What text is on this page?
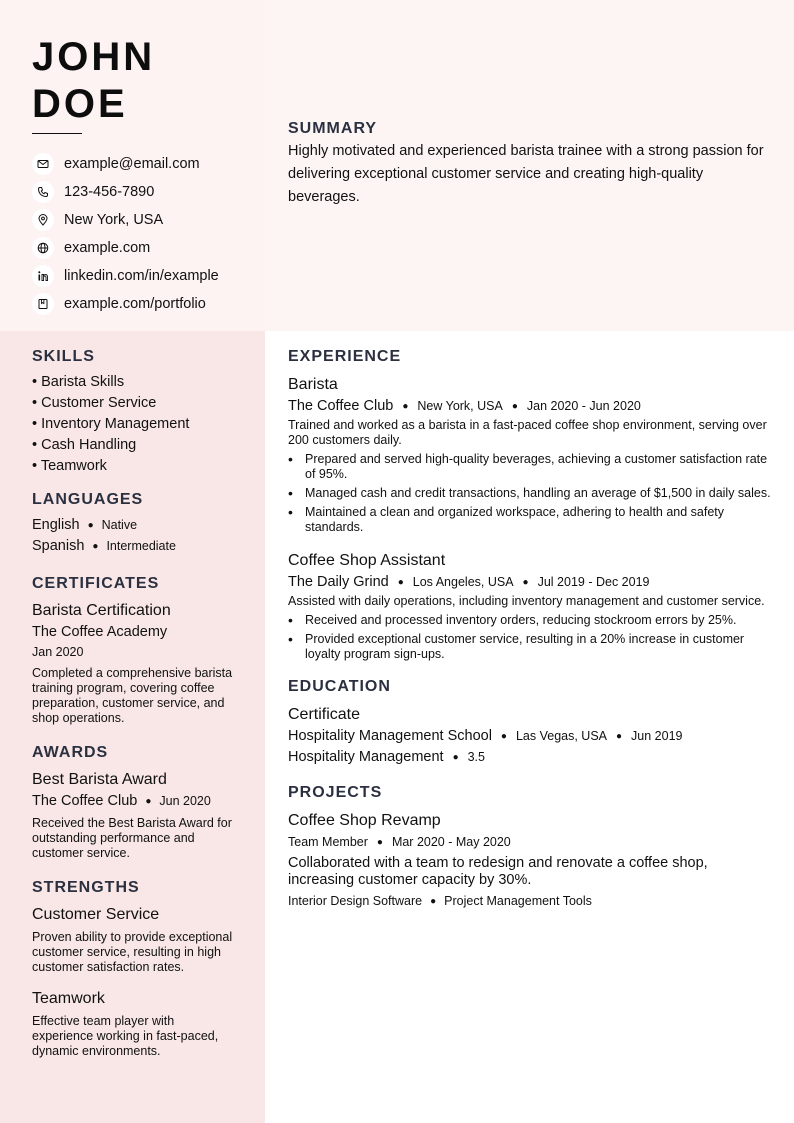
JOHN
DOE
example@email.com
123-456-7890
New York, USA
example.com
linkedin.com/in/example
example.com/portfolio
SUMMARY
Highly motivated and experienced barista trainee with a strong passion for delivering exceptional customer service and creating high-quality beverages.
SKILLS
• Barista Skills
• Customer Service
• Inventory Management
• Cash Handling
• Teamwork
LANGUAGES
English ● Native
Spanish ● Intermediate
CERTIFICATES
Barista Certification
The Coffee Academy
Jan 2020
Completed a comprehensive barista training program, covering coffee preparation, customer service, and shop operations.
AWARDS
Best Barista Award
The Coffee Club ● Jun 2020
Received the Best Barista Award for outstanding performance and customer service.
STRENGTHS
Customer Service
Proven ability to provide exceptional customer service, resulting in high customer satisfaction rates.
Teamwork
Effective team player with experience working in fast-paced, dynamic environments.
EXPERIENCE
Barista
The Coffee Club ● New York, USA ● Jan 2020 - Jun 2020
Trained and worked as a barista in a fast-paced coffee shop environment, serving over 200 customers daily.
• Prepared and served high-quality beverages, achieving a customer satisfaction rate of 95%.
• Managed cash and credit transactions, handling an average of $1,500 in daily sales.
• Maintained a clean and organized workspace, adhering to health and safety standards.
Coffee Shop Assistant
The Daily Grind ● Los Angeles, USA ● Jul 2019 - Dec 2019
Assisted with daily operations, including inventory management and customer service.
• Received and processed inventory orders, reducing stockroom errors by 25%.
• Provided exceptional customer service, resulting in a 20% increase in customer loyalty program sign-ups.
EDUCATION
Certificate
Hospitality Management School ● Las Vegas, USA ● Jun 2019
Hospitality Management ● 3.5
PROJECTS
Coffee Shop Revamp
Team Member ● Mar 2020 - May 2020
Collaborated with a team to redesign and renovate a coffee shop, increasing customer capacity by 30%.
Interior Design Software ● Project Management Tools
